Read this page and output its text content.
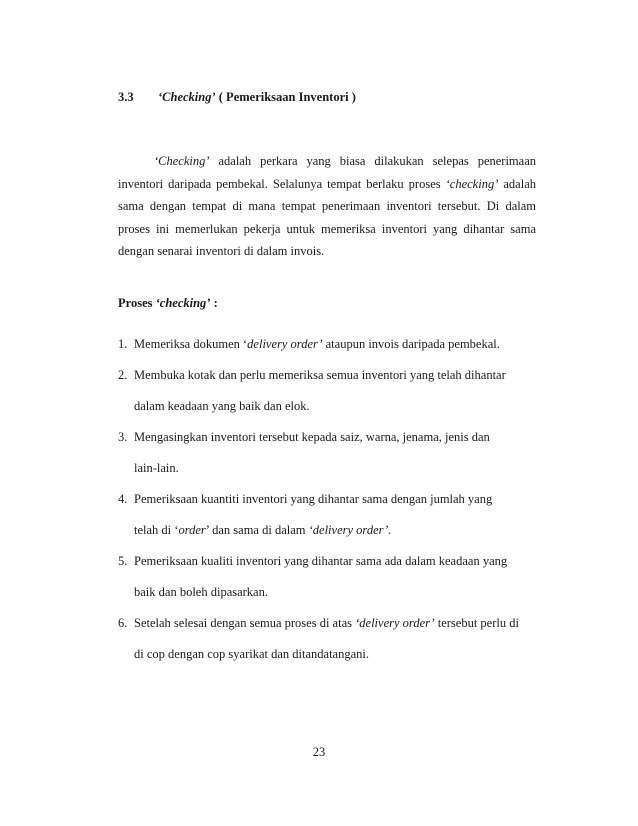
3.3 ‘Checking’ ( Pemeriksaan Inventori )
‘Checking’ adalah perkara yang biasa dilakukan selepas penerimaan inventori daripada pembekal. Selalunya tempat berlaku proses ‘checking’ adalah sama dengan tempat di mana tempat penerimaan inventori tersebut. Di dalam proses ini memerlukan pekerja untuk memeriksa inventori yang dihantar sama dengan senarai inventori di dalam invois.
Proses ‘checking’ :
1. Memeriksa dokumen ‘delivery order’ ataupun invois daripada pembekal.
2. Membuka kotak dan perlu memeriksa semua inventori yang telah dihantar
dalam keadaan yang baik dan elok.
3. Mengasingkan inventori tersebut kepada saiz, warna, jenama, jenis dan
lain-lain.
4. Pemeriksaan kuantiti inventori yang dihantar sama dengan jumlah yang
telah di ‘order’ dan sama di dalam ‘delivery order’.
5. Pemeriksaan kualiti inventori yang dihantar sama ada dalam keadaan yang
baik dan boleh dipasarkan.
6. Setelah selesai dengan semua proses di atas ‘delivery order’ tersebut perlu di
di cop dengan cop syarikat dan ditandatangani.
23
